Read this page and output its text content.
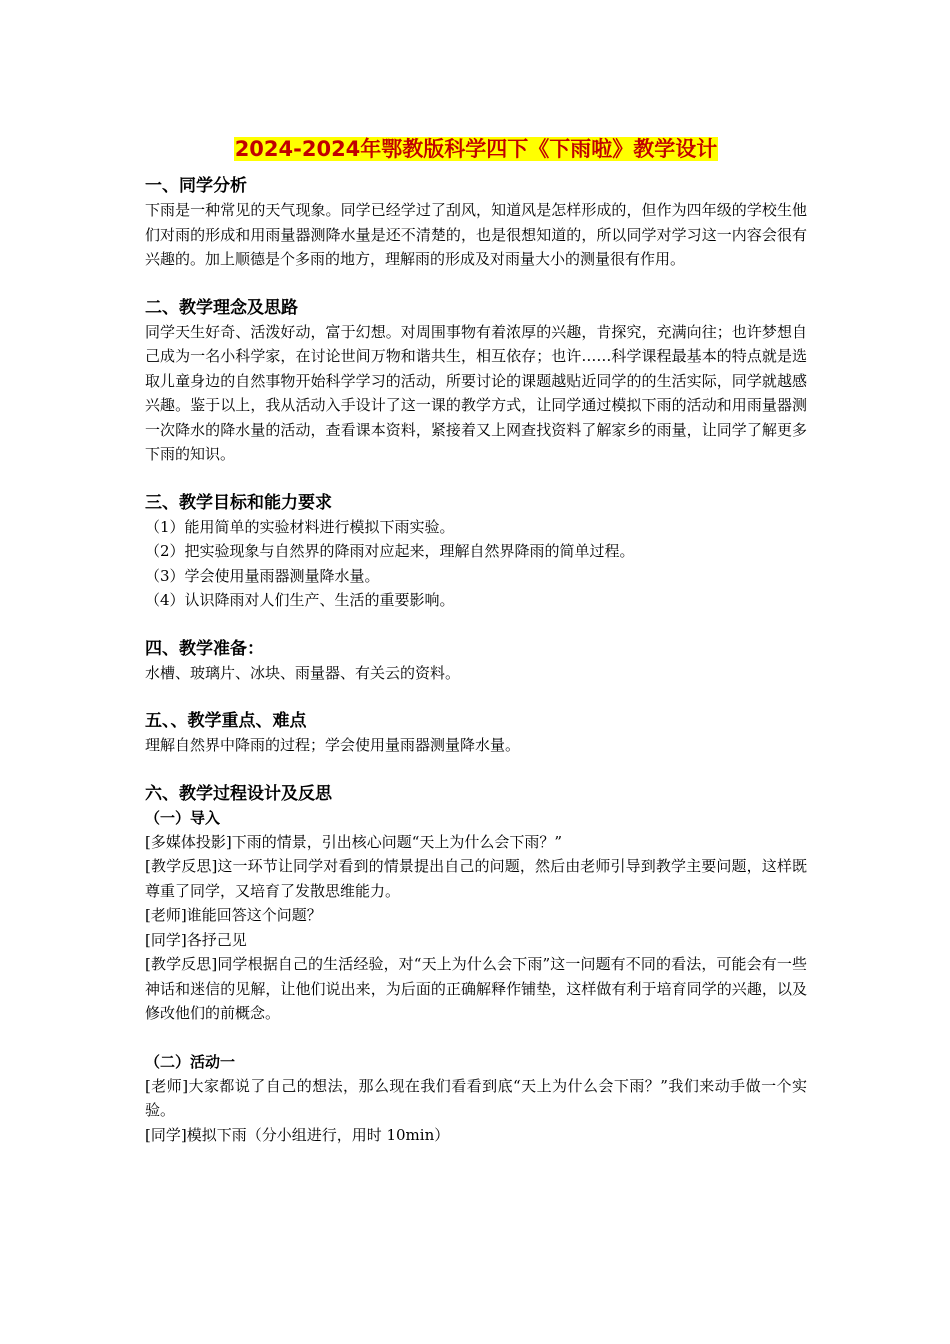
2024-2024年鄂教版科学四下《下雨啦》教学设计
一、同学分析

下雨是一种常见的天气现象。同学已经学过了刮风，知道风是怎样形成的，但作为四年级的学校生他们对雨的形成和用雨量器测降水量是还不清楚的，也是很想知道的，所以同学对学习这一内容会很有兴趣的。加上顺德是个多雨的地方，理解雨的形成及对雨量大小的测量很有作用。

二、教学理念及思路

同学天生好奇、活泼好动，富于幻想。对周围事物有着浓厚的兴趣，肯探究，充满向往；也许梦想自己成为一名小科学家，在讨论世间万物和谐共生，相互依存；也许……科学课程最基本的特点就是选取儿童身边的自然事物开始科学学习的活动，所要讨论的课题越贴近同学的的生活实际，同学就越感兴趣。鉴于以上，我从活动入手设计了这一课的教学方式，让同学通过模拟下雨的活动和用雨量器测一次降水的降水量的活动，查看课本资料，紧接着又上网查找资料了解家乡的雨量，让同学了解更多下雨的知识。

三、教学目标和能力要求

（1）能用简单的实验材料进行模拟下雨实验。

（2）把实验现象与自然界的降雨对应起来，理解自然界降雨的简单过程。

（3）学会使用量雨器测量降水量。

（4）认识降雨对人们生产、生活的重要影响。

四、教学准备：

水槽、玻璃片、冰块、雨量器、有关云的资料。

五、、教学重点、难点

理解自然界中降雨的过程；学会使用量雨器测量降水量。

六、教学过程设计及反思
（一）导入

[多媒体投影]下雨的情景，引出核心问题“天上为什么会下雨？”

[教学反思]这一环节让同学对看到的情景提出自己的问题，然后由老师引导到教学主要问题，这样既尊重了同学，又培育了发散思维能力。

[老师]谁能回答这个问题？

[同学]各抒己见

[教学反思]同学根据自己的生活经验，对“天上为什么会下雨”这一问题有不同的看法，可能会有一些神话和迷信的见解，让他们说出来，为后面的正确解释作铺垫，这样做有利于培育同学的兴趣，以及修改他们的前概念。

（二）活动一

[老师]大家都说了自己的想法，那么现在我们看看到底“天上为什么会下雨？”我们来动手做一个实验。

[同学]模拟下雨（分小组进行，用时 10min）
